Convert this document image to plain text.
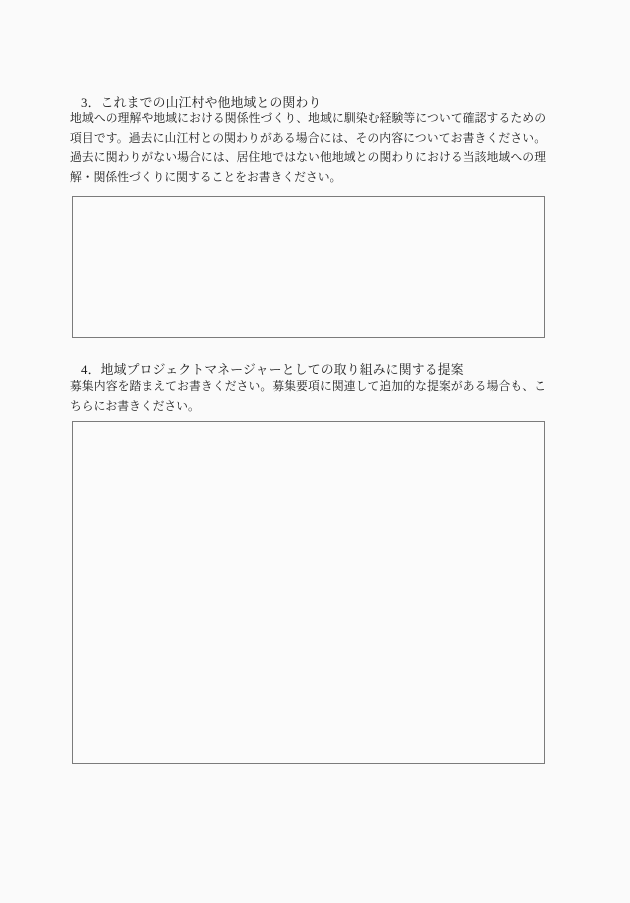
3．これまでの山江村や他地域との関わり
地域への理解や地域における関係性づくり、地域に馴染む経験等について確認するための項目です。過去に山江村との関わりがある場合には、その内容についてお書きください。過去に関わりがない場合には、居住地ではない他地域との関わりにおける当該地域への理解・関係性づくりに関することをお書きください。
4．地域プロジェクトマネージャーとしての取り組みに関する提案
募集内容を踏まえてお書きください。募集要項に関連して追加的な提案がある場合も、こちらにお書きください。
